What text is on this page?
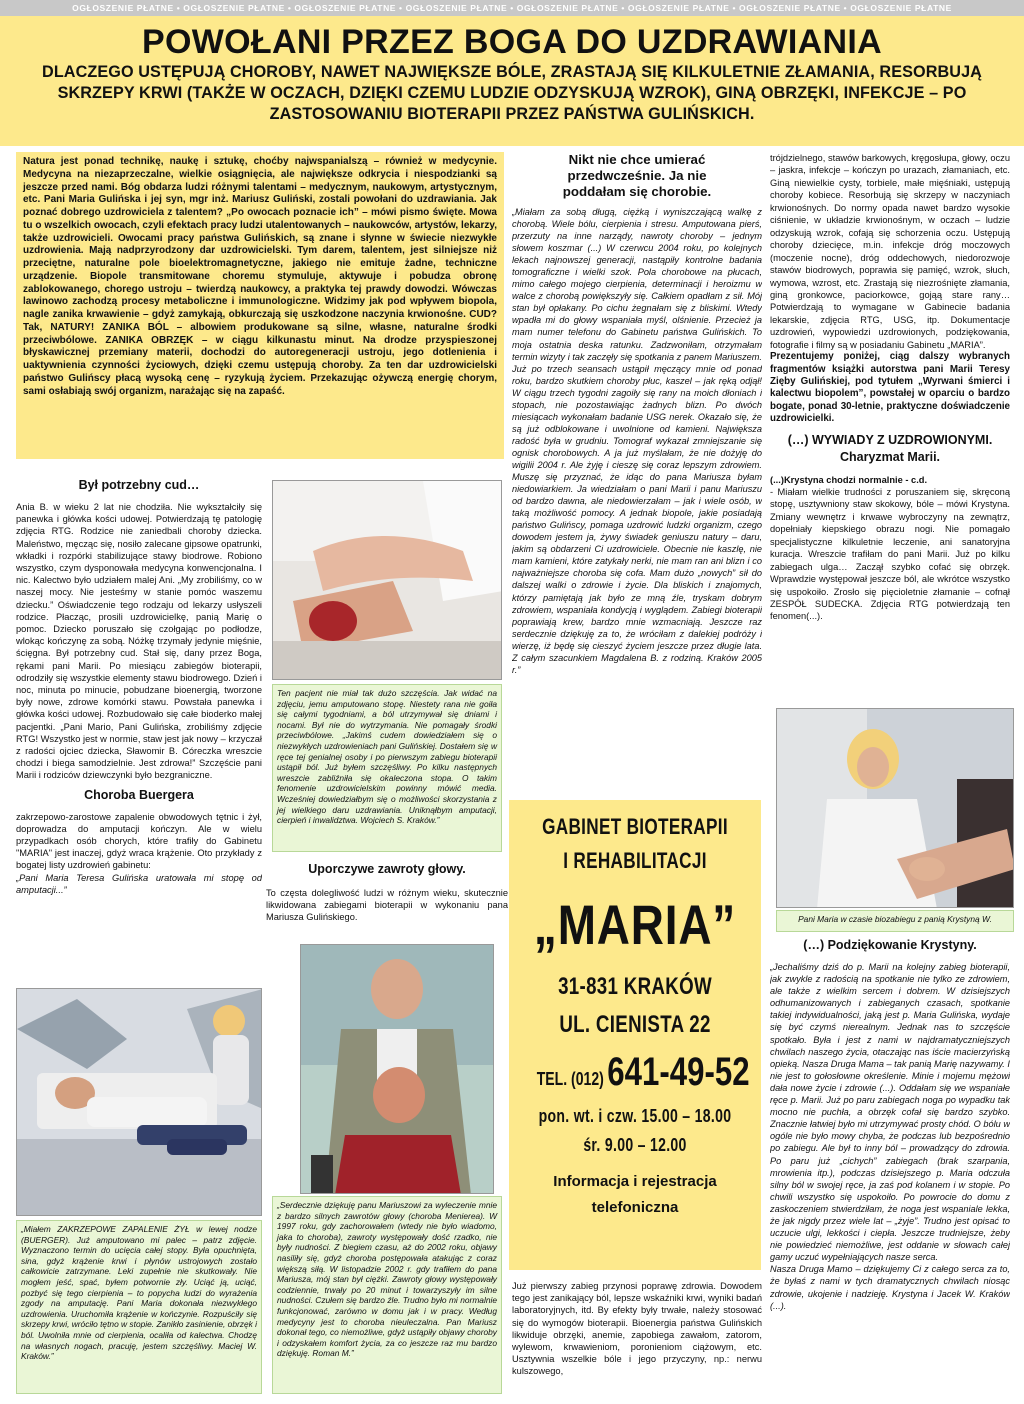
OGŁOSZENIE PŁATNE • OGŁOSZENIE PŁATNE • OGŁOSZENIE PŁATNE • OGŁOSZENIE PŁATNE • OGŁOSZENIE PŁATNE • OGŁOSZENIE PŁATNE • OGŁOSZENIE PŁATNE • OGŁOSZENIE PŁATNE
POWOŁANI PRZEZ BOGA DO UZDRAWIANIA
DLACZEGO USTĘPUJĄ CHOROBY, NAWET NAJWIĘKSZE BÓLE, ZRASTAJĄ SIĘ KILKULETNIE ZŁAMANIA, RESORBUJĄ SKRZEPY KRWI (TAKŻE W OCZACH, DZIĘKI CZEMU LUDZIE ODZYSKUJĄ WZROK), GINĄ OBRZĘKI, INFEKCJE – PO ZASTOSOWANIU BIOTERAPII PRZEZ PAŃSTWA GULIŃSKICH.
Natura jest ponad technikę, naukę i sztukę, choćby najwspanialszą – również w medycynie. Medycyna na niezaprzeczalne, wielkie osiągnięcia, ale największe odkrycia i niespodzianki są jeszcze przed nami. Bóg obdarza ludzi różnymi talentami – medycznym, naukowym, artystycznym, etc. Pani Maria Gulińska i jej syn, mgr inż. Mariusz Guliński, zostali powołani do uzdrawiania. Jak poznać dobrego uzdrowiciela z talentem? „Po owocach poznacie ich” – mówi pismo święte. Mowa tu o wszelkich owocach, czyli efektach pracy ludzi utalentowanych – naukowców, artystów, lekarzy, także uzdrowicieli. Owocami pracy państwa Gulińskich, są znane i słynne w świecie niezwykłe uzdrowienia. Mają nadprzyrodzony dar uzdrowicielski. Tym darem, talentem, jest silniejsze niż przeciętne, naturalne pole bioelektromagnetyczne, jakiego nie emituje żadne, techniczne urządzenie. Biopole transmitowane choremu stymuluje, aktywuje i pobudza obronę zablokowanego, chorego ustroju – twierdzą naukowcy, a praktyka tej prawdy dowodzi. Wówczas lawinowo zachodzą procesy metaboliczne i immunologiczne. Widzimy jak pod wpływem biopola, nagle zanika krwawienie – gdyż zamykają, obkurczają się uszkodzone naczynia krwionośne. CUD? Tak, NATURY! ZANIKA BÓL – albowiem produkowane są silne, własne, naturalne środki przeciwbólowe. ZANIKA OBRZĘK – w ciągu kilkunastu minut. Na drodze przyspieszonej błyskawicznej przemiany materii, dochodzi do autoregeneracji ustroju, jego dotlenienia i uaktywnienia czynności życiowych, dzięki czemu ustępują choroby. Za ten dar uzdrowicielski państwo Gulińscy płacą wysoką cenę – ryzykują życiem. Przekazując ożywczą energię chorym, sami osłabiają swój organizm, narażając się na zapaść.
Był potrzebny cud…

Ania B. w wieku 2 lat nie chodziła. Nie wykształciły się panewka i główka kości udowej. Potwierdzają tę patologię zdjęcia RTG. Rodzice nie zaniedbali choroby dziecka. Maleństwo, męcząc się, nosiło zalecane gipsowe opatrunki, wkładki i rozpórki stabilizujące stawy biodrowe. Robiono wszystko, czym dysponowała medycyna konwencjonalna. I nic. Kalectwo było udziałem malej Ani. „My zrobiliśmy, co w naszej mocy. Nie jesteśmy w stanie pomóc waszemu dziecku.” Oświadczenie tego rodzaju od lekarzy usłyszeli rodzice. Płacząc, prosili uzdrowicielkę, panią Marię o pomoc. Dziecko poruszało się czołgając po podłodze, wlokąc kończynę za sobą. Nóżkę trzymały jedynie mięśnie, ścięgna. Był potrzebny cud. Stał się, dany przez Boga, rękami pani Marii. Po miesiącu zabiegów bioterapii, odrodziły się wszystkie elementy stawu biodrowego. Dzień i noc, minuta po minucie, pobudzane bioenergią, tworzone były nowe, zdrowe komórki stawu. Powstała panewka i główka kości udowej. Rozbudowało się całe bioderko małej pacjentki. „Pani Mario, Pani Gulińska, zrobiliśmy zdjęcie RTG! Wszystko jest w normie, staw jest jak nowy – krzyczał z radości ojciec dziecka, Sławomir B. Córeczka wreszcie chodzi i biega samodzielnie. Jest zdrowa!” Szczęście pani Marii i rodziców dziewczynki było bezgraniczne.

Choroba Buergera

zakrzepowo-zarostowe zapalenie obwodowych tętnic i żył, doprowadza do amputacji kończyn. Ale w wielu przypadkach osób chorych, które trafiły do Gabinetu "MARIA" jest inaczej, gdyż wraca krążenie. Oto przykłady z bogatej listy uzdrowień gabinetu:

„Pani Maria Teresa Gulińska uratowała mi stopę od amputacji...”

„Miałem ZAKRZEPOWE ZAPALENIE ŻYŁ w lewej nodze (BUERGER). Już amputowano mi palec – patrz zdjęcie. Wyznaczono termin do ucięcia całej stopy. Była opuchnięta, sina, gdyż krążenie krwi i płynów ustrojowych zostało całkowicie zatrzymane. Leki zupełnie nie skutkowały. Nie mogłem jeść, spać, byłem potwornie zły. Uciąć ją, uciąć, pozbyć się tego cierpienia – to popycha ludzi do wyrażenia zgody na amputację. Pani Maria dokonała niezwykłego uzdrowienia. Uruchomiła krążenie w kończynie. Rozpuściły się skrzepy krwi, wróciło tętno w stopie. Zanikło zasinienie, obrzęk i ból. Uwolniła mnie od cierpienia, ocaliła od kalectwa. Chodzę na własnych nogach, pracuję, jestem szczęśliwy. Maciej W. Kraków.”
Ten pacjent nie miał tak dużo szczęścia. Jak widać na zdjęciu, jemu amputowano stopę. Niestety rana nie goiła się całymi tygodniami, a ból utrzymywał się dniami i nocami. Był nie do wytrzymania. Nie pomagały środki przeciwbólowe. „Jakimś cudem dowiedziałem się o niezwykłych uzdrowieniach pani Gulińskiej. Dostałem się w ręce tej genialnej osoby i po pierwszym zabiegu bioterapii ustąpił ból. Już byłem szczęśliwy. Po kilku następnych wreszcie zabliźniła się okaleczona stopa. O takim fenomenie uzdrowicielskim powinny mówić media. Wcześniej dowiedziałbym się o możliwości skorzystania z jej wielkiego daru uzdrawiania. Uniknąłbym amputacji, cierpień i inwalidztwa. Wojciech S. Kraków.”
Uporczywe zawroty głowy.

To częsta dolegliwość ludzi w różnym wieku, skutecznie likwidowana zabiegami bioterapii w wykonaniu pana Mariusza Gulińskiego.

„Serdecznie dziękuję panu Mariuszowi za wyleczenie mnie z bardzo silnych zawrotów głowy (choroba Menierea). W 1997 roku, gdy zachorowałem (wtedy nie było wiadomo, jaka to choroba), zawroty występowały dość rzadko, nie były nudności. Z biegiem czasu, aż do 2002 roku, objawy nasiliły się, gdyż choroba postępowała atakując z coraz większą siłą. W listopadzie 2002 r. gdy trafiłem do pana Mariusza, mój stan był ciężki. Zawroty głowy występowały codziennie, trwały po 20 minut i towarzyszyły im silne nudności. Czułem się bardzo źle. Trudno było mi normalnie funkcjonować, zarówno w domu jak i w pracy. Według medycyny jest to choroba nieuleczalna. Pan Mariusz dokonał tego, co niemożliwe, gdyż ustąpiły objawy choroby i odzyskałem komfort życia, za co jeszcze raz mu bardzo dziękuję. Roman M.”
Nikt nie chce umierać przedwcześnie. Ja nie poddałam się chorobie.

„Miałam za sobą długą, ciężką i wyniszczającą walkę z chorobą. Wiele bólu, cierpienia i stresu. Amputowana pierś, przerzuty na inne narządy, nawroty choroby – jednym słowem koszmar (...) W czerwcu 2004 roku, po kolejnych lekach najnowszej generacji, nastąpiły kontrolne badania tomograficzne i wielki szok. Pola chorobowe na płucach, mimo całego mojego cierpienia, determinacji i heroizmu w walce z chorobą powiększyły się. Całkiem opadłam z sił. Mój stan był opłakany. Po cichu żegnałam się z bliskimi. Wtedy wpadła mi do głowy wspaniała myśl, olśnienie. Przecież ja mam numer telefonu do Gabinetu państwa Gulińskich. To moja ostatnia deska ratunku. Zadzwoniłam, otrzymałam termin wizyty i tak zaczęły się spotkania z panem Mariuszem. Już po trzech seansach ustąpił męczący mnie od ponad roku, bardzo skutkiem choroby płuc, kaszel – jak ręką odjął! W ciągu trzech tygodni zagoiły się rany na moich dłoniach i stopach, nie pozostawiając żadnych blizn. Po dwóch miesiącach wykonałam badanie USG nerek. Okazało się, że są już odblokowane i uwolnione od kamieni. Największa radość była w grudniu. Tomograf wykazał zmniejszanie się ognisk chorobowych. A ja już myślałam, że nie dożyję do wigilii 2004 r. Ale żyję i cieszę się coraz lepszym zdrowiem. Muszę się przyznać, że idąc do pana Mariusza byłam niedowiarkiem. Ja wiedziałam o pani Marii i panu Mariuszu od bardzo dawna, ale niedowierzałam – jak i wiele osób, w taką możliwość pomocy. A jednak biopole, jakie posiadają państwo Gulińscy, pomaga uzdrowić ludzki organizm, czego dowodem jestem ja, żywy świadek geniuszu natury – daru, jakim są obdarzeni Ci uzdrowiciele. Obecnie nie kaszlę, nie mam kamieni, które zatykały nerki, nie mam ran ani blizn i co najważniejsze choroba się cofa. Mam dużo „nowych” sił do dalszej walki o zdrowie i życie. Dla bliskich i znajomych, którzy pamiętają jak było ze mną źle, tryskam dobrym zdrowiem, wspaniała kondycją i wyglądem. Zabiegi bioterapii poprawiają krew, bardzo mnie wzmacniają. Jeszcze raz serdecznie dziękuję za to, że wróciłam z dalekiej podróży i wierzę, iż będę się cieszyć życiem jeszcze przez długie lata. Z całym szacunkiem Magdalena B. z rodziną. Kraków 2005 r.”

GABINET BIOTERAPII
I REHABILITACJI
„MARIA”
31-831 KRAKÓW
UL. CIENISTA 22
TEL. (012) 641-49-52
pon. wt. i czw. 15.00 – 18.00
śr. 9.00 – 12.00
Informacja i rejestracja telefoniczna

Już pierwszy zabieg przynosi poprawę zdrowia. Dowodem tego jest zanikający ból, lepsze wskaźniki krwi, wyniki badań laboratoryjnych, itd. By efekty były trwałe, należy stosować się do wymogów bioterapii. Bioenergia państwa Gulińskich likwiduje obrzęki, anemie, zapobiega zawałom, zatorom, wylewom, krwawieniom, poronieniom ciążowym, etc. Usztywnia wszelkie bóle i jego przyczyny, np.: nerwu kulszowego,

trójdzielnego, stawów barkowych, kręgosłupa, głowy, oczu – jaskra, infekcje – kończyn po urazach, złamaniach, etc. Giną niewielkie cysty, torbiele, małe mięśniaki, ustępują choroby kobiece. Resorbują się skrzepy w naczyniach krwionośnych. Do normy opada nawet bardzo wysokie ciśnienie, w układzie krwionośnym, w oczach – ludzie odzyskują wzrok, cofają się schorzenia oczu. Ustępują choroby dziecięce, m.in. infekcje dróg moczowych (moczenie nocne), dróg oddechowych, niedorozwoje stawów biodrowych, poprawia się pamięć, wzrok, słuch, wymowa, wzrost, etc. Zrastają się niezrośnięte złamania, giną gronkowce, paciorkowce, gojąą stare rany… Potwierdzają to wymagane w Gabinecie badania lekarskie, zdjęcia RTG, USG, itp. Dokumentacje uzdrowień, wypowiedzi uzdrowionych, podziękowania, fotografie i filmy są w posiadaniu Gabinetu „MARIA”.

Prezentujemy poniżej, ciąg dalszy wybranych fragmentów książki autorstwa pani Marii Teresy Zięby Gulińskiej, pod tytułem „Wyrwani śmierci i kalectwu biopolem”, powstałej w oparciu o bardzo bogate, ponad 30-letnie, praktyczne doświadczenie uzdrowicielki.

(…) WYWIADY Z UZDROWIONYMI. Charyzmat Marii.

(...)Krystyna chodzi normalnie - c.d.

- Miałam wielkie trudności z poruszaniem się, skręconą stopę, usztywniony staw skokowy, bóle – mówi Krystyna. Zmiany wewnętrz i krwawe wybroczyny na zewnątrz, dopełniały kiepskiego obrazu nogi. Nie pomagało specjalistyczne kilkuletnie leczenie, ani sanatoryjna kuracja. Wreszcie trafiłam do pani Marii. Już po kilku zabiegach ulga… Zaczął szybko cofać się obrzęk. Wprawdzie występował jeszcze ból, ale wkrótce wszystko się uspokoiło. Zrosło się pięcioletnie złamanie – cofnął ZESPÓŁ SUDECKA. Zdjęcia RTG potwierdzają ten fenomen(...).

Pani Maria w czasie biozabiegu z panią Krystyną W.
(…) Podziękowanie Krystyny.

„Jechaliśmy dziś do p. Marii na kolejny zabieg bioterapii, jak zwykle z radością na spotkanie nie tylko ze zdrowiem, ale także z wielkim sercem i dobrem. W dzisiejszych odhumanizowanych i zabieganych czasach, spotkanie takiej indywidualności, jaką jest p. Maria Gulińska, wydaje się być czymś nierealnym. Jednak nas to szczęście spotkało. Była i jest z nami w najdramatyczniejszych chwilach naszego życia, otaczając nas iście macierzyńską opieką. Nasza Druga Mama – tak panią Marię nazywamy. I nie jest to gołosłowne określenie. Minie i mojemu mężowi dała nowe życie i zdrowie (...). Oddałam się we wspaniałe ręce p. Marii. Już po paru zabiegach noga po wypadku tak mocno nie puchła, a obrzęk cofał się bardzo szybko. Znacznie łatwiej było mi utrzymywać prosty chód. O bólu w ogóle nie było mowy chyba, że podczas lub bezpośrednio po zabiegu. Ale był to inny ból – prowadzący do zdrowia. Po paru już „cichych” zabiegach (brak szarpania, mrowienia itp.), podczas dzisiejszego p. Maria odczuła silny ból w swojej ręce, ja zaś pod kolanem i w stopie. Po chwili wszystko się uspokoiło. Po powrocie do domu z zaskoczeniem stwierdziłam, że noga jest wspaniale lekka, że jak nigdy przez wiele lat – „żyje”. Trudno jest opisać to uczucie ulgi, lekkości i ciepła. Jeszcze trudniejsze, żeby nie powiedzieć niemożliwe, jest oddanie w słowach całej gamy uczuć wypełniających nasze serca.

Nasza Druga Mamo – dziękujemy Ci z całego serca za to, że byłaś z nami w tych dramatycznych chwilach niosąc zdrowie, ukojenie i nadzieję. Krystyna i Jacek W. Kraków (...).
